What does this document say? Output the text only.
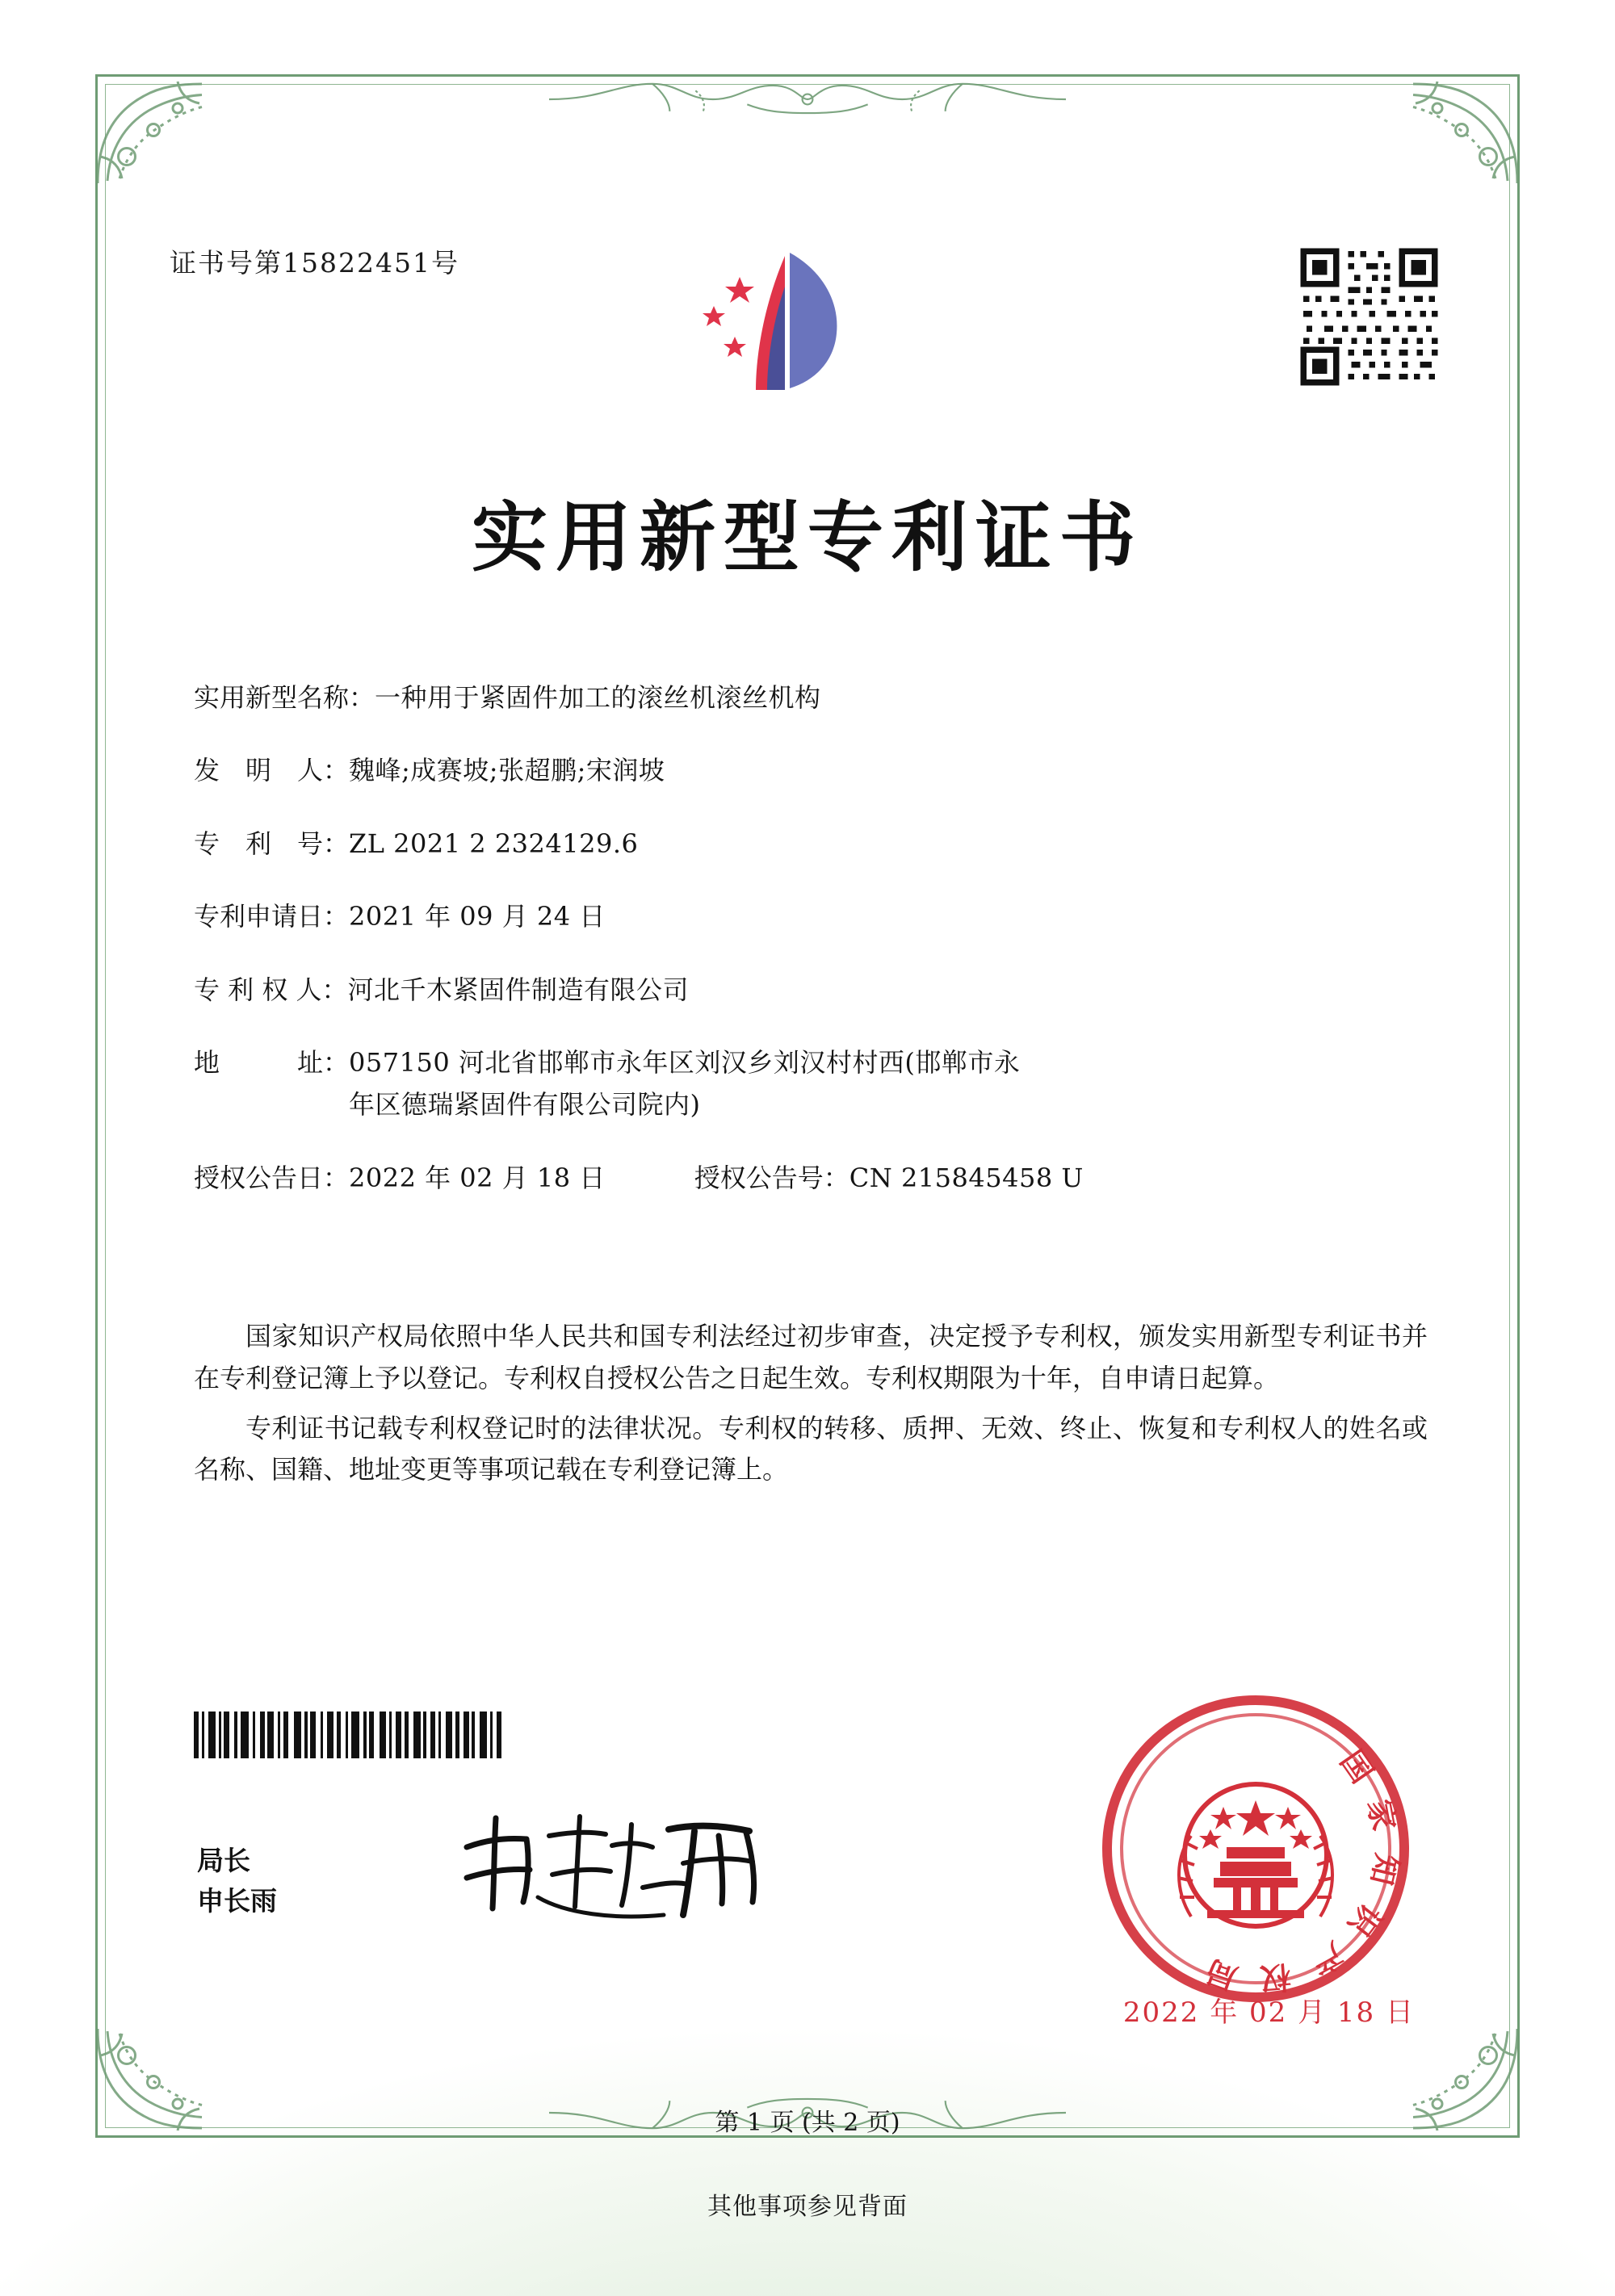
证书号第15822451号
实用新型专利证书
实用新型名称： 一种用于紧固件加工的滚丝机滚丝机构
发　明　人： 魏峰;成赛坡;张超鹏;宋润坡
专　利　号： ZL 2021 2 2324129.6
专利申请日： 2021 年 09 月 24 日
专 利 权 人： 河北千木紧固件制造有限公司
地　　　址： 057150 河北省邯郸市永年区刘汉乡刘汉村村西(邯郸市永
年区德瑞紧固件有限公司院内)
授权公告日： 2022 年 02 月 18 日	授权公告号： CN 215845458 U

国家知识产权局依照中华人民共和国专利法经过初步审查，决定授予专利权，颁发实用新型专利证书并在专利登记簿上予以登记。专利权自授权公告之日起生效。专利权期限为十年，自申请日起算。

专利证书记载专利权登记时的法律状况。专利权的转移、质押、无效、终止、恢复和专利权人的姓名或名称、国籍、地址变更等事项记载在专利登记簿上。

局长
申长雨
国家知识产权局
2022 年 02 月 18 日
第 1 页 (共 2 页)
其他事项参见背面
